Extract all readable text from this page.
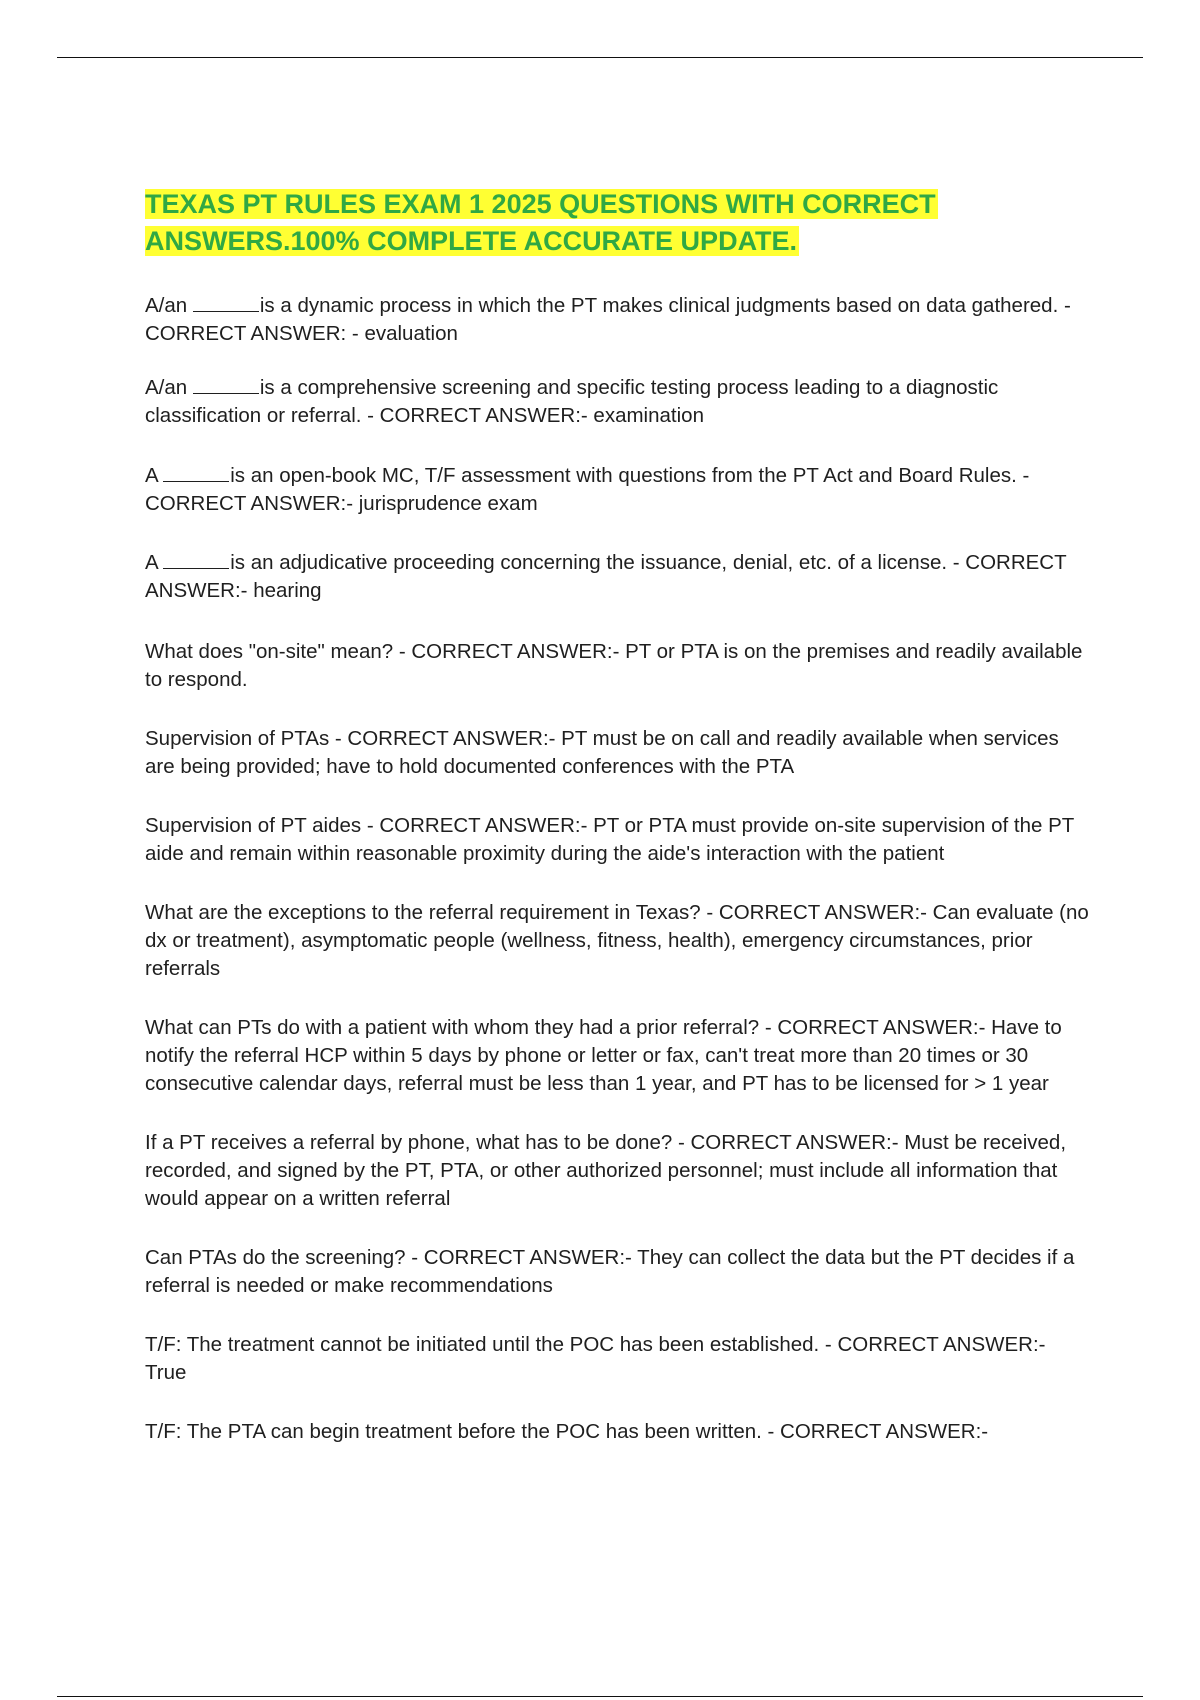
TEXAS PT RULES EXAM 1 2025 QUESTIONS WITH CORRECT
ANSWERS.100% COMPLETE ACCURATE UPDATE.

A/an	is a dynamic process in which the PT makes clinical judgments based on data gathered. - CORRECT ANSWER: - evaluation

A/an	is a comprehensive screening and specific testing process leading to a diagnostic classification or referral. - CORRECT ANSWER:- examination

A	is an open-book MC, T/F assessment with questions from the PT Act and Board Rules. - CORRECT ANSWER:- jurisprudence exam

A	is an adjudicative proceeding concerning the issuance, denial, etc. of a license. - CORRECT ANSWER:- hearing

What does "on-site" mean? - CORRECT ANSWER:- PT or PTA is on the premises and readily available to respond.

Supervision of PTAs - CORRECT ANSWER:- PT must be on call and readily available when services are being provided; have to hold documented conferences with the PTA

Supervision of PT aides - CORRECT ANSWER:- PT or PTA must provide on-site supervision of the PT aide and remain within reasonable proximity during the aide's interaction with the patient

What are the exceptions to the referral requirement in Texas? - CORRECT ANSWER:- Can evaluate (no dx or treatment), asymptomatic people (wellness, fitness, health), emergency circumstances, prior referrals

What can PTs do with a patient with whom they had a prior referral? - CORRECT ANSWER:- Have to notify the referral HCP within 5 days by phone or letter or fax, can't treat more than 20 times or 30 consecutive calendar days, referral must be less than 1 year, and PT has to be licensed for > 1 year

If a PT receives a referral by phone, what has to be done? - CORRECT ANSWER:- Must be received, recorded, and signed by the PT, PTA, or other authorized personnel; must include all information that would appear on a written referral

Can PTAs do the screening? - CORRECT ANSWER:- They can collect the data but the PT decides if a referral is needed or make recommendations

T/F: The treatment cannot be initiated until the POC has been established. - CORRECT ANSWER:- True

T/F: The PTA can begin treatment before the POC has been written. - CORRECT ANSWER:-
